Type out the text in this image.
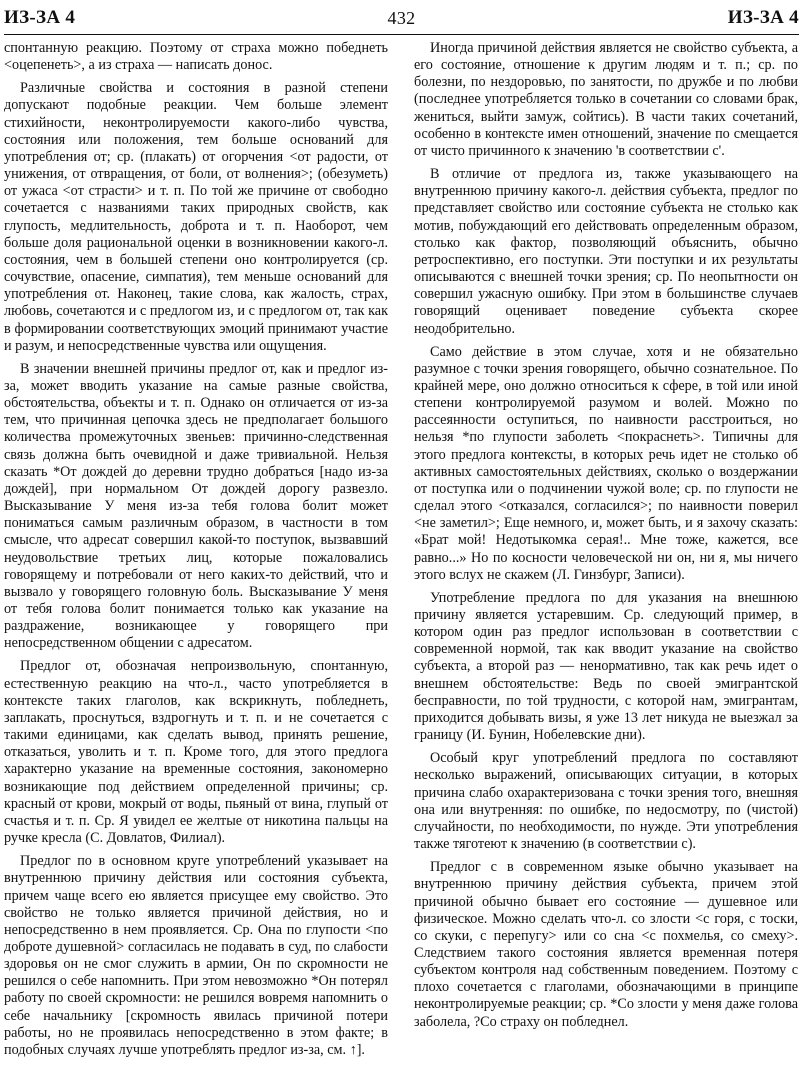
ИЗ-ЗА 4	432	ИЗ-ЗА 4

спонтанную реакцию. Поэтому от страха можно победнеть <оцепенеть>, а из страха — написать донос.

Различные свойства и состояния в разной степени допускают подобные реакции. Чем больше элемент стихийности, неконтролируемости какого-либо чувства, состояния или положения, тем больше оснований для употребления от; ср. (плакать) от огорчения <от радости, от унижения, от отвращения, от боли, от волнения>; (обезуметь) от ужаса <от страсти> и т. п. По той же причине от свободно сочетается с названиями таких природных свойств, как глупость, медлительность, доброта и т. п. Наоборот, чем больше доля рациональной оценки в возникновении какого-л. состояния, чем в большей степени оно контролируется (ср. сочувствие, опасение, симпатия), тем меньше оснований для употребления от. Наконец, такие слова, как жалость, страх, любовь, сочетаются и с предлогом из, и с предлогом от, так как в формировании соответствующих эмоций принимают участие и разум, и непосредственные чувства или ощущения.

В значении внешней причины предлог от, как и предлог из-за, может вводить указание на самые разные свойства, обстоятельства, объекты и т. п. Однако он отличается от из-за тем, что причинная цепочка здесь не предполагает большого количества промежуточных звеньев: причинно-следственная связь должна быть очевидной и даже тривиальной. Нельзя сказать *От дождей до деревни трудно добраться [надо из-за дождей], при нормальном От дождей дорогу развезло. Высказывание У меня из-за тебя голова болит может пониматься самым различным образом, в частности в том смысле, что адресат совершил какой-то поступок, вызвавший неудовольствие третьих лиц, которые пожаловались говорящему и потребовали от него каких-то действий, что и вызвало у говорящего головную боль. Высказывание У меня от тебя голова болит понимается только как указание на раздражение, возникающее у говорящего при непосредственном общении с адресатом.

Предлог от, обозначая непроизвольную, спонтанную, естественную реакцию на что-л., часто употребляется в контексте таких глаголов, как вскрикнуть, побледнеть, заплакать, проснуться, вздрогнуть и т. п. и не сочетается с такими единицами, как сделать вывод, принять решение, отказаться, уволить и т. п. Кроме того, для этого предлога характерно указание на временные состояния, закономерно возникающие под действием определенной причины; ср. красный от крови, мокрый от воды, пьяный от вина, глупый от счастья и т. п. Ср. Я увидел ее желтые от никотина пальцы на ручке кресла (С. Довлатов, Филиал).

Предлог по в основном круге употреблений указывает на внутреннюю причину действия или состояния субъекта, причем чаще всего ею является присущее ему свойство. Это свойство не только является причиной действия, но и непосредственно в нем проявляется. Ср. Она по глупости <по доброте душевной> согласилась не подавать в суд, по слабости здоровья он не смог служить в армии, Он по скромности не решился о себе напомнить. При этом невозможно *Он потерял работу по своей скромности: не решился вовремя напомнить о себе начальнику [скромность явилась причиной потери работы, но не проявилась непосредственно в этом факте; в подобных случаях лучше употреблять предлог из-за, см. ↑].

Иногда причиной действия является не свойство субъекта, а его состояние, отношение к другим людям и т. п.; ср. по болезни, по нездоровью, по занятости, по дружбе и по любви (последнее употребляется только в сочетании со словами брак, жениться, выйти замуж, сойтись). В части таких сочетаний, особенно в контексте имен отношений, значение по смещается от чисто причинного к значению 'в соответствии с'.

В отличие от предлога из, также указывающего на внутреннюю причину какого-л. действия субъекта, предлог по представляет свойство или состояние субъекта не столько как мотив, побуждающий его действовать определенным образом, столько как фактор, позволяющий объяснить, обычно ретроспективно, его поступки. Эти поступки и их результаты описываются с внешней точки зрения; ср. По неопытности он совершил ужасную ошибку. При этом в большинстве случаев говорящий оценивает поведение субъекта скорее неодобрительно.

Само действие в этом случае, хотя и не обязательно разумное с точки зрения говорящего, обычно сознательное. По крайней мере, оно должно относиться к сфере, в той или иной степени контролируемой разумом и волей. Можно по рассеянности оступиться, по наивности расстроиться, но нельзя *по глупости заболеть <покраснеть>. Типичны для этого предлога контексты, в которых речь идет не столько об активных самостоятельных действиях, сколько о воздержании от поступка или о подчинении чужой воле; ср. по глупости не сделал этого <отказался, согласился>; по наивности поверил <не заметил>; Еще немного, и, может быть, и я захочу сказать: «Брат мой! Недотыкомка серая!.. Мне тоже, кажется, все равно...» Но по косности человеческой ни он, ни я, мы ничего этого вслух не скажем (Л. Гинзбург, Записи).

Употребление предлога по для указания на внешнюю причину является устаревшим. Ср. следующий пример, в котором один раз предлог использован в соответствии с современной нормой, так как вводит указание на свойство субъекта, а второй раз — ненормативно, так как речь идет о внешнем обстоятельстве: Ведь по своей эмигрантской бесправности, по той трудности, с которой нам, эмигрантам, приходится добывать визы, я уже 13 лет никуда не выезжал за границу (И. Бунин, Нобелевские дни).

Особый круг употреблений предлога по составляют несколько выражений, описывающих ситуации, в которых причина слабо охарактеризована с точки зрения того, внешняя она или внутренняя: по ошибке, по недосмотру, по (чистой) случайности, по необходимости, по нужде. Эти употребления также тяготеют к значению (в соответствии с).

Предлог с в современном языке обычно указывает на внутреннюю причину действия субъекта, причем этой причиной обычно бывает его состояние — душевное или физическое. Можно сделать что-л. со злости <с горя, с тоски, со скуки, с перепугу> или со сна <с похмелья, со смеху>. Следствием такого состояния является временная потеря субъектом контроля над собственным поведением. Поэтому с плохо сочетается с глаголами, обозначающими в принципе неконтролируемые реакции; ср. *Со злости у меня даже голова заболела, ?Со страху он побледнел.
